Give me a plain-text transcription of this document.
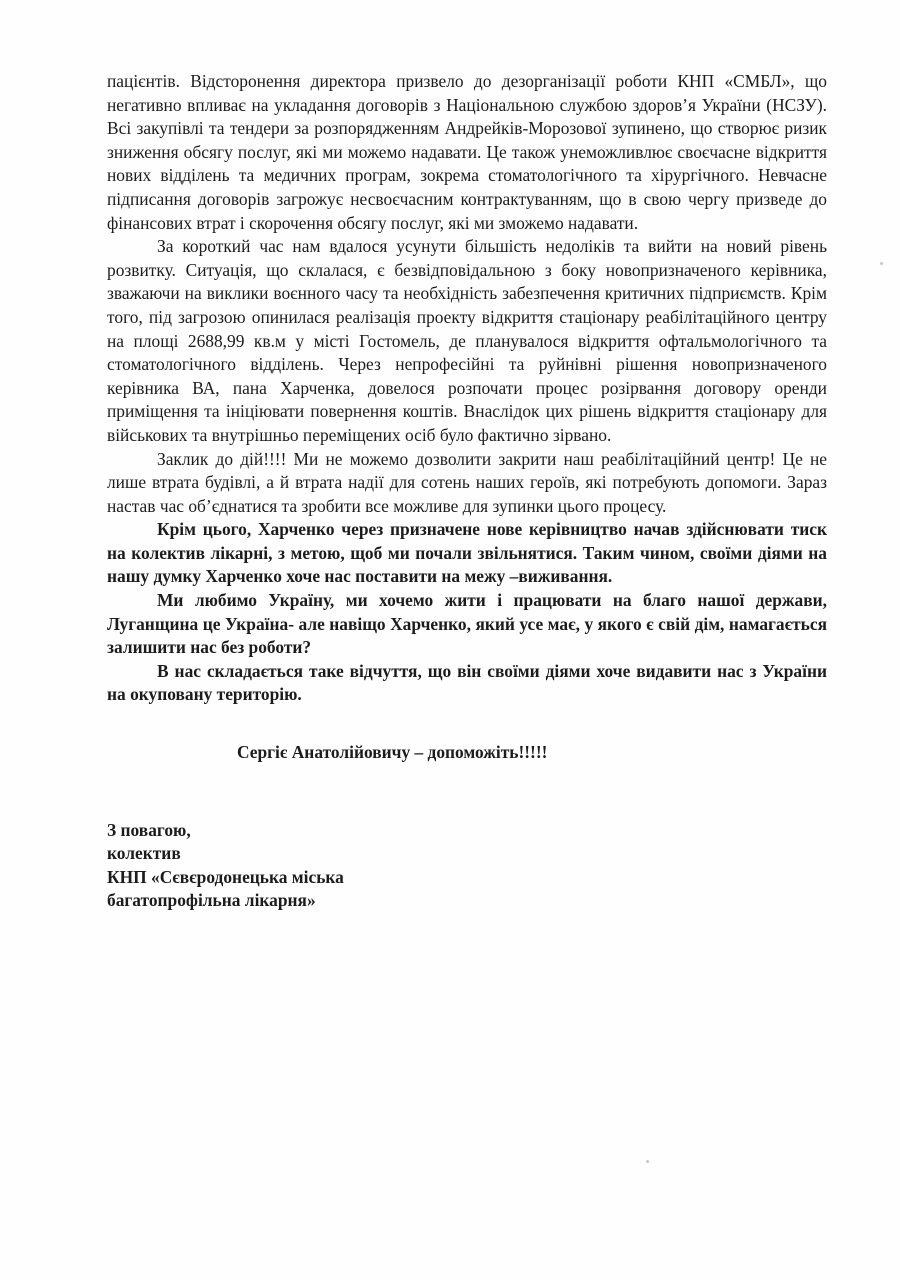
пацієнтів. Відсторонення директора призвело до дезорганізації роботи КНП «СМБЛ», що негативно впливає на укладання договорів з Національною службою здоров’я України (НСЗУ). Всі закупівлі та тендери за розпорядженням Андрейків-Морозової зупинено, що створює ризик зниження обсягу послуг, які ми можемо надавати. Це також унеможливлює своєчасне відкриття нових відділень та медичних програм, зокрема стоматологічного та хірургічного. Невчасне підписання договорів загрожує несвоєчасним контрактуванням, що в свою чергу призведе до фінансових втрат і скорочення обсягу послуг, які ми зможемо надавати.

За короткий час нам вдалося усунути більшість недоліків та вийти на новий рівень розвитку. Ситуація, що склалася, є безвідповідальною з боку новопризначеного керівника, зважаючи на виклики воєнного часу та необхідність забезпечення критичних підприємств. Крім того, під загрозою опинилася реалізація проекту відкриття стаціонару реабілітаційного центру на площі 2688,99 кв.м у місті Гостомель, де планувалося відкриття офтальмологічного та стоматологічного відділень. Через непрофесійні та руйнівні рішення новопризначеного керівника ВА, пана Харченка, довелося розпочати процес розірвання договору оренди приміщення та ініціювати повернення коштів. Внаслідок цих рішень відкриття стаціонару для військових та внутрішньо переміщених осіб було фактично зірвано.

Заклик до дій!!!! Ми не можемо дозволити закрити наш реабілітаційний центр! Це не лише втрата будівлі, а й втрата надії для сотень наших героїв, які потребують допомоги. Зараз настав час об’єднатися та зробити все можливе для зупинки цього процесу.

Крім цього, Харченко через призначене нове керівництво начав здійснювати тиск на колектив лікарні, з метою, щоб ми почали звільнятися. Таким чином, своїми діями на нашу думку Харченко хоче нас поставити на межу –виживання.

Ми любимо Україну, ми хочемо жити і працювати на благо нашої держави, Луганщина це Україна- але навіщо Харченко, який усе має, у якого є свій дім, намагається залишити нас без роботи?

В нас складається таке відчуття, що він своїми діями хоче видавити нас з України на окуповану територію.

Сергіє Анатолійовичу – допоможіть!!!!!

З повагою,
колектив
КНП «Сєвєродонецька міська
багатопрофільна лікарня»
